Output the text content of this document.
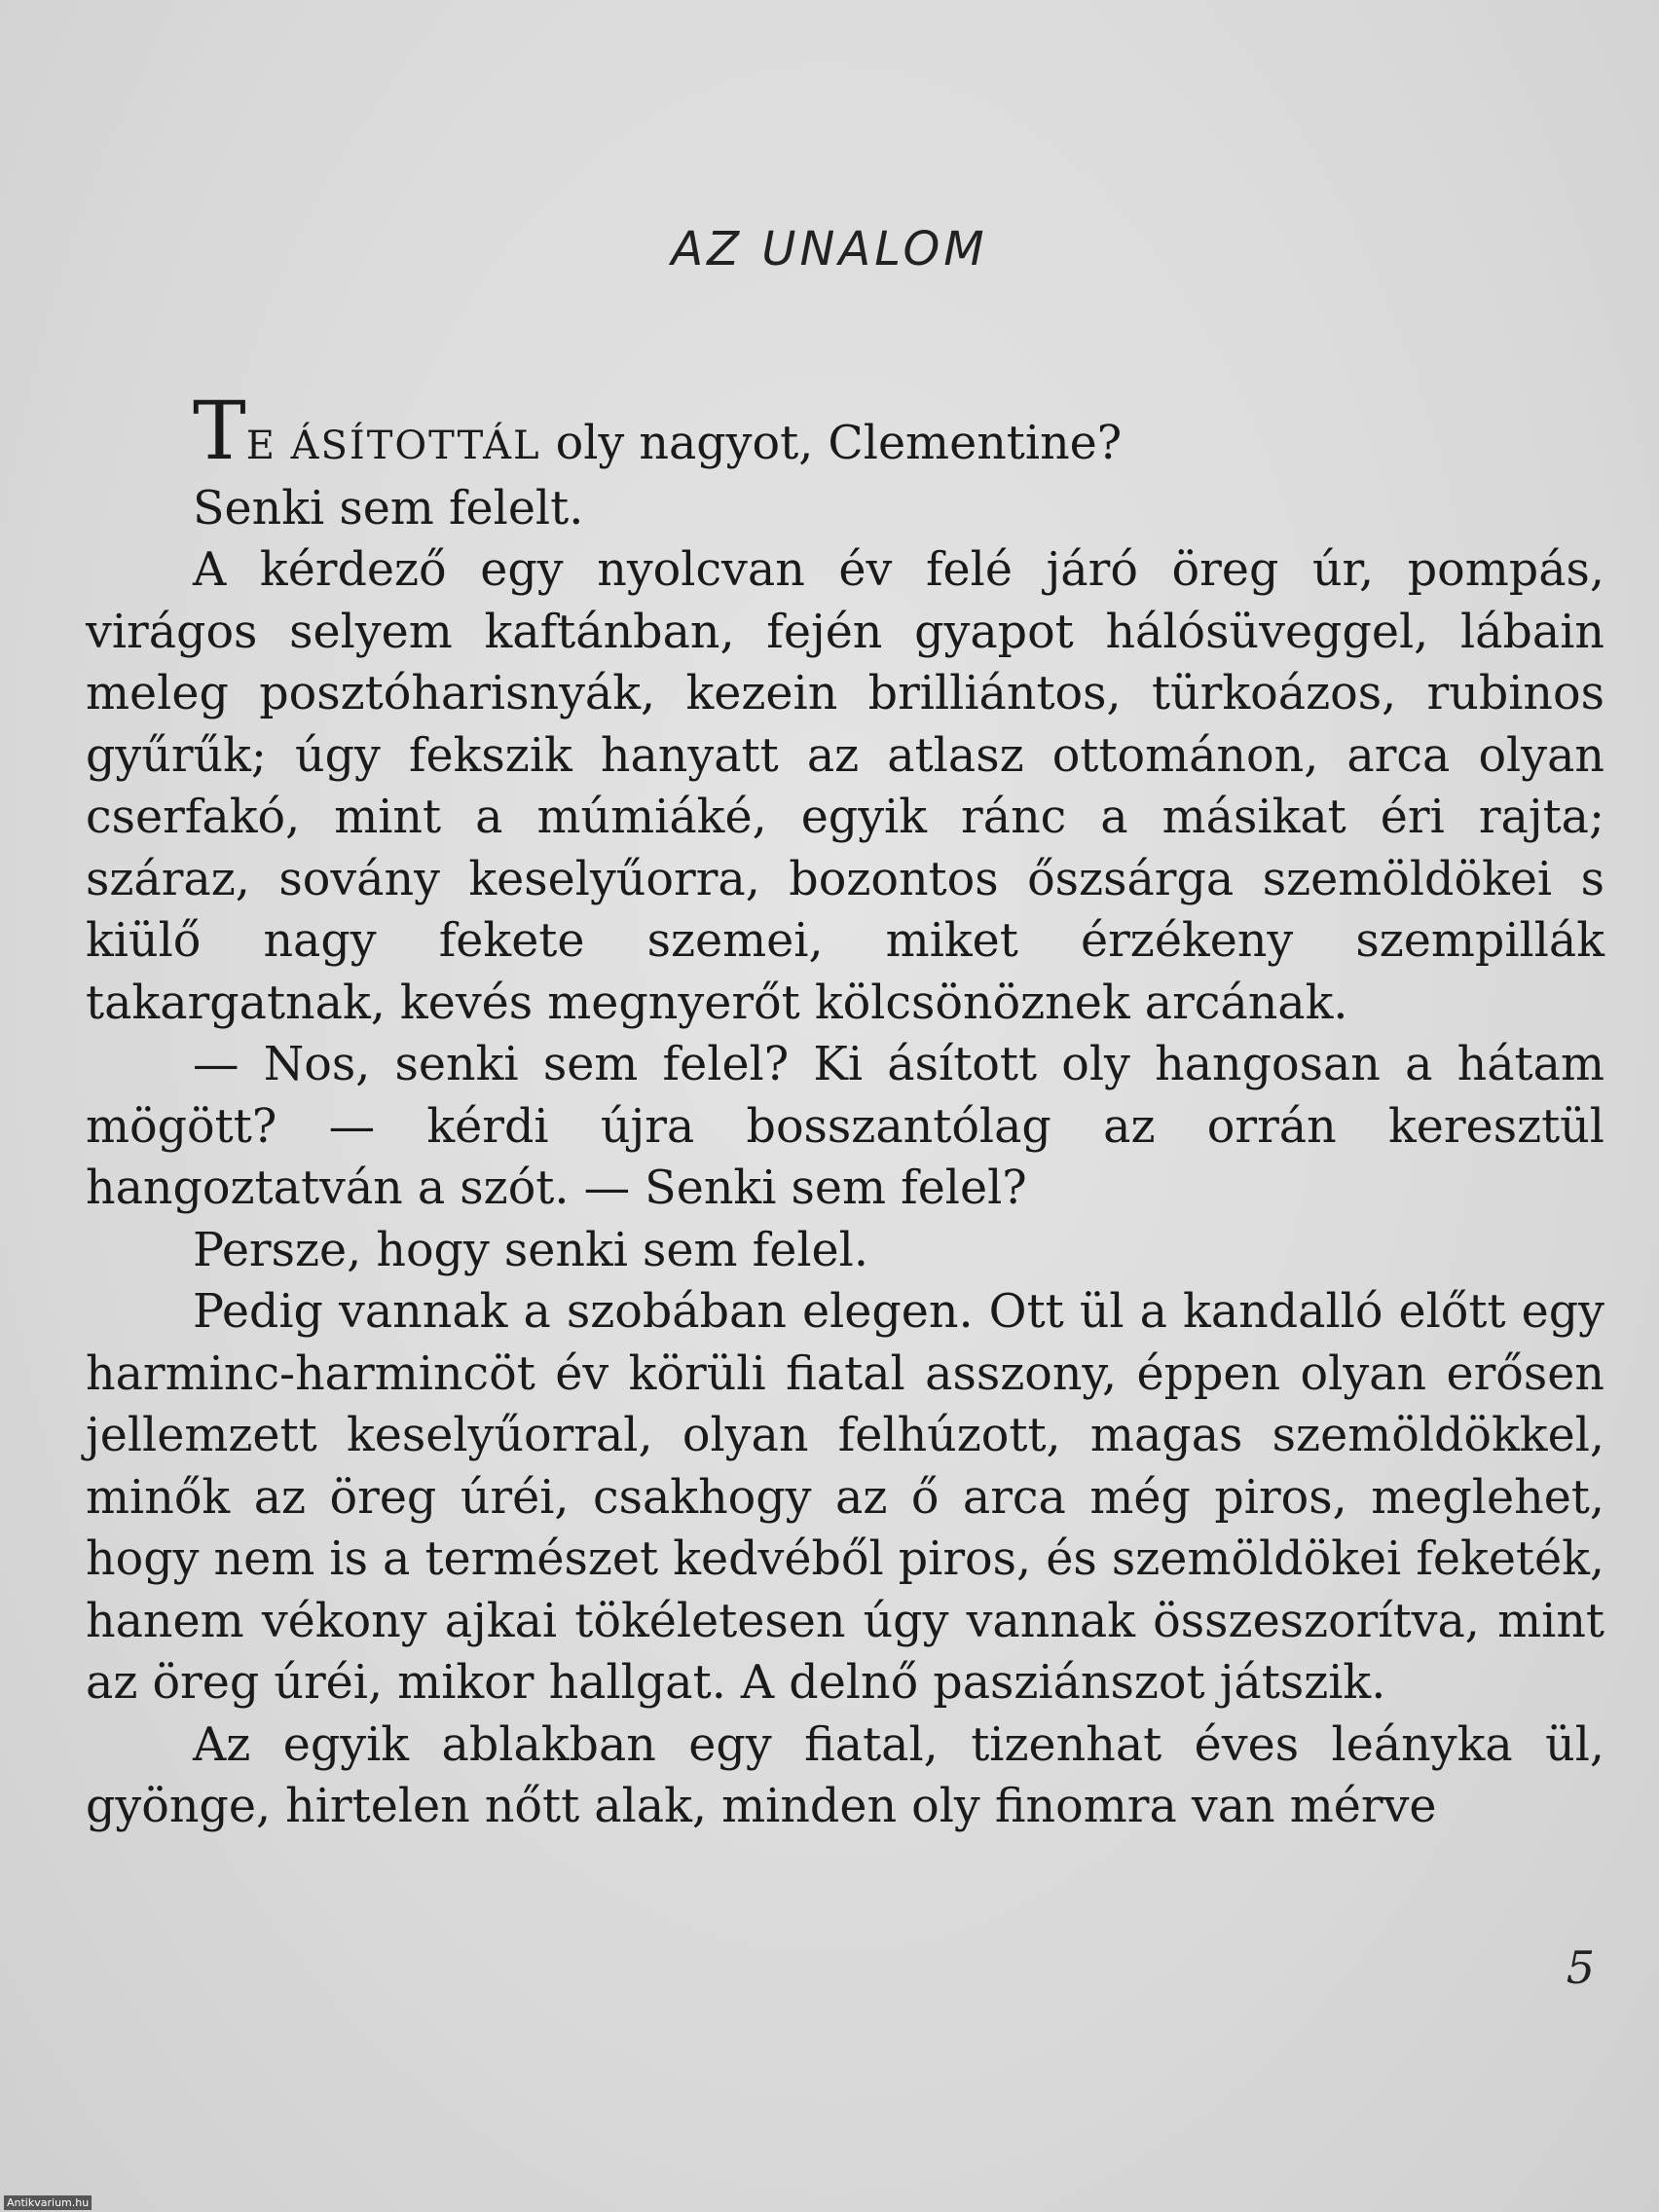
AZ UNALOM

TE ÁSÍTOTTÁL oly nagyot, Clementine?

Senki sem felelt.

A kérdező egy nyolcvan év felé járó öreg úr, pompás, virágos selyem kaftánban, fején gyapot hálósüveggel, lábain meleg posztóharisnyák, kezein brilliántos, türkoázos, rubinos gyűrűk; úgy fekszik hanyatt az atlasz ottománon, arca olyan cserfakó, mint a múmiáké, egyik ránc a másikat éri rajta; száraz, sovány keselyűorra, bozontos őszsárga szemöldökei s kiülő nagy fekete szemei, miket érzékeny szempillák takargatnak, kevés megnyerőt kölcsönöznek arcának.

— Nos, senki sem felel? Ki ásított oly hangosan a hátam mögött? — kérdi újra bosszantólag az orrán keresztül hangoztatván a szót. — Senki sem felel?

Persze, hogy senki sem felel.

Pedig vannak a szobában elegen. Ott ül a kandalló előtt egy harminc-harmincöt év körüli fiatal asszony, éppen olyan erősen jellemzett keselyűorral, olyan felhúzott, magas szemöldökkel, minők az öreg úréi, csakhogy az ő arca még piros, meglehet, hogy nem is a természet kedvéből piros, és szemöldökei feketék, hanem vékony ajkai tökéletesen úgy vannak összeszorítva, mint az öreg úréi, mikor hallgat. A delnő pasziánszot játszik.

Az egyik ablakban egy fiatal, tizenhat éves leányka ül, gyönge, hirtelen nőtt alak, minden oly finomra van mérve

5
Antikvarium.hu
